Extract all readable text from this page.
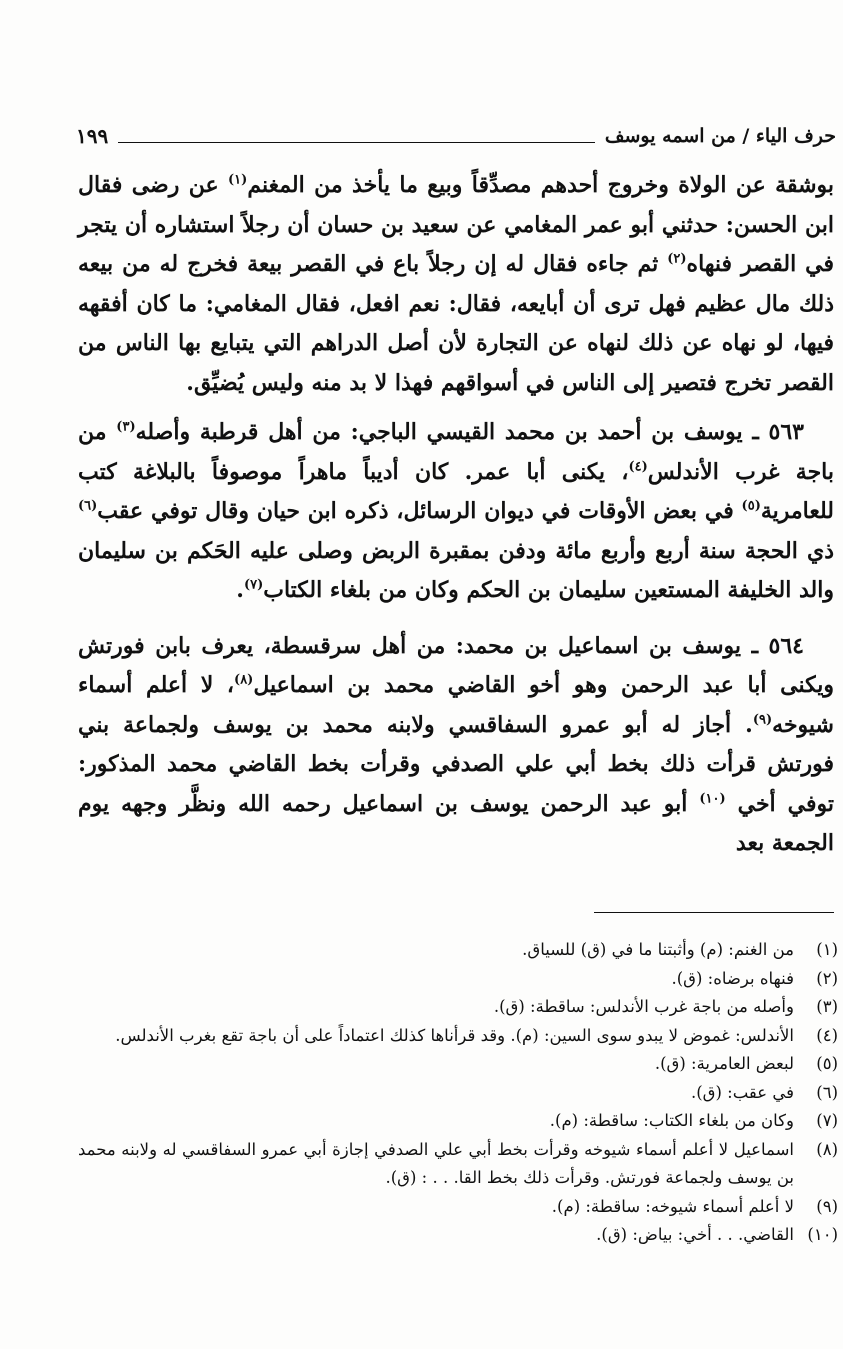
حرف الياء / من اسمه يوسف
١٩٩

بوشقة عن الولاة وخروج أحدهم مصدِّقاً وبيع ما يأخذ من المغنم$^{(١)}$ عن رضى فقال ابن الحسن: حدثني أبو عمر المغامي عن سعيد بن حسان أن رجلاً استشاره أن يتجر في القصر فنهاه$^{(٢)}$ ثم جاءه فقال له إن رجلاً باع في القصر بيعة فخرج له من بيعه ذلك مال عظيم فهل ترى أن أبايعه، فقال: نعم افعل، فقال المغامي: ما كان أفقهه فيها، لو نهاه عن ذلك لنهاه عن التجارة لأن أصل الدراهم التي يتبايع بها الناس من القصر تخرج فتصير إلى الناس في أسواقهم فهذا لا بد منه وليس يُضيِّق.

٥٦٣ ـ يوسف بن أحمد بن محمد القيسي الباجي: من أهل قرطبة وأصله$^{(٣)}$ من باجة غرب الأندلس$^{(٤)}$، يكنى أبا عمر. كان أديباً ماهراً موصوفاً بالبلاغة كتب للعامرية$^{(٥)}$ في بعض الأوقات في ديوان الرسائل، ذكره ابن حيان وقال توفي عقب$^{(٦)}$ ذي الحجة سنة أربع وأربع مائة ودفن بمقبرة الربض وصلى عليه الحَكم بن سليمان والد الخليفة المستعين سليمان بن الحكم وكان من بلغاء الكتاب$^{(٧)}$.

٥٦٤ ـ يوسف بن اسماعيل بن محمد: من أهل سرقسطة، يعرف بابن فورتش ويكنى أبا عبد الرحمن وهو أخو القاضي محمد بن اسماعيل$^{(٨)}$، لا أعلم أسماء شيوخه$^{(٩)}$. أجاز له أبو عمرو السفاقسي ولابنه محمد بن يوسف ولجماعة بني فورتش قرأت ذلك بخط أبي علي الصدفي وقرأت بخط القاضي محمد المذكور: توفي أخي $^{(١٠)}$ أبو عبد الرحمن يوسف بن اسماعيل رحمه الله ونظَّر وجهه يوم الجمعة بعد

(١)
من الغنم: (م) وأثبتنا ما في (ق) للسياق.
(٢)
فنهاه برضاه: (ق).
(٣)
وأصله من باجة غرب الأندلس: ساقطة: (ق).
(٤)
الأندلس: غموض لا يبدو سوى السين: (م). وقد قرأناها كذلك اعتماداً على أن باجة تقع بغرب الأندلس.
(٥)
لبعض العامرية: (ق).
(٦)
في عقب: (ق).
(٧)
وكان من بلغاء الكتاب: ساقطة: (م).
(٨)
اسماعيل لا أعلم أسماء شيوخه وقرأت بخط أبي علي الصدفي إجازة أبي عمرو السفاقسي له ولابنه محمد بن يوسف ولجماعة فورتش. وقرأت ذلك بخط القا. . . : (ق).
(٩)
لا أعلم أسماء شيوخه: ساقطة: (م).
(١٠)
القاضي. . . أخي: بياض: (ق).
